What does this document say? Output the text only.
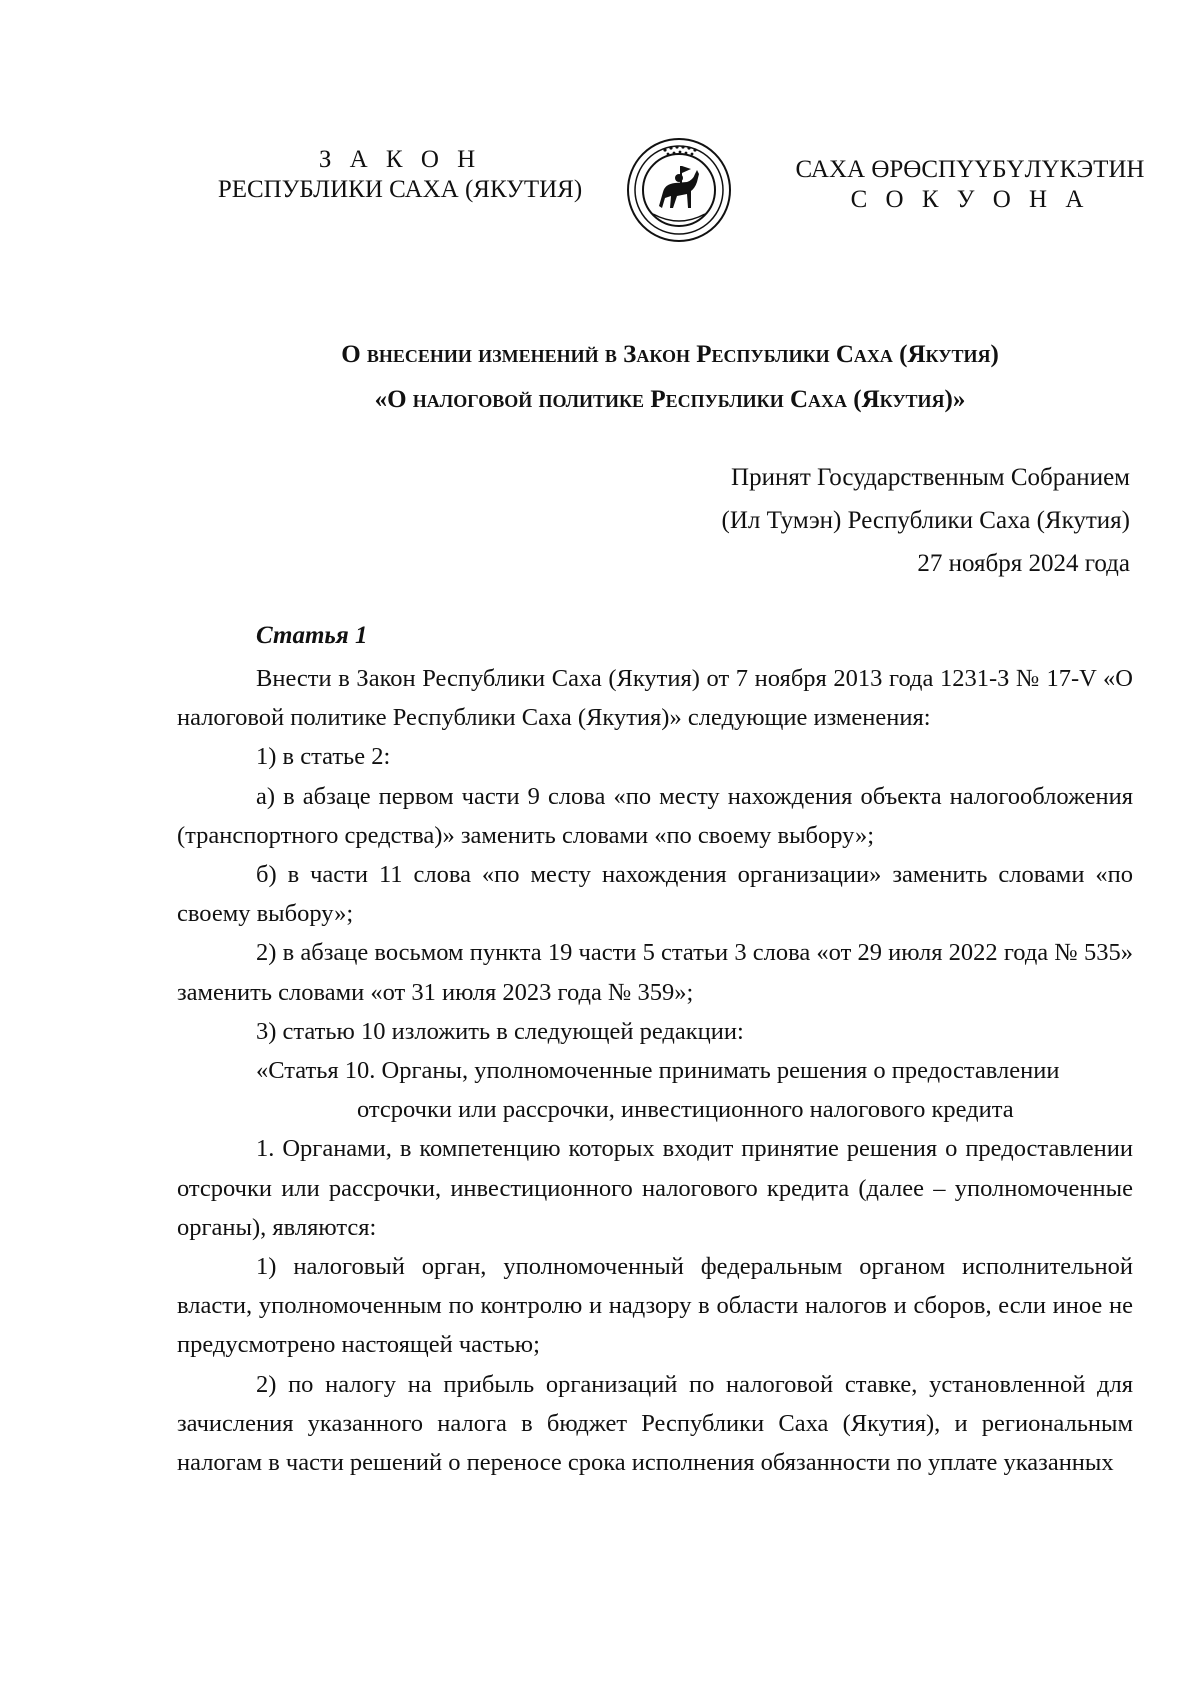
З А К О Н
РЕСПУБЛИКИ САХА (ЯКУТИЯ)
САХА ӨРӨСПҮҮБҮЛҮКЭТИН
С О К У О Н А
О внесении изменений в Закон Республики Саха (Якутия)
«О налоговой политике Республики Саха (Якутия)»
Принят Государственным Собранием
(Ил Тумэн) Республики Саха (Якутия)
27 ноября 2024 года
Статья 1

Внести в Закон Республики Саха (Якутия) от 7 ноября 2013 года 1231-З № 17-V «О налоговой политике Республики Саха (Якутия)» следующие изменения:

1) в статье 2:

а) в абзаце первом части 9 слова «по месту нахождения объекта налогообложения (транспортного средства)» заменить словами «по своему выбору»;

б) в части 11 слова «по месту нахождения организации» заменить словами «по своему выбору»;

2) в абзаце восьмом пункта 19 части 5 статьи 3 слова «от 29 июля 2022 года № 535» заменить словами «от 31 июля 2023 года № 359»;

3) статью 10 изложить в следующей редакции:

«Статья 10. Органы, уполномоченные принимать решения о предоставлении

отсрочки или рассрочки, инвестиционного налогового кредита

1. Органами, в компетенцию которых входит принятие решения о предоставлении отсрочки или рассрочки, инвестиционного налогового кредита (далее – уполномоченные органы), являются:

1) налоговый орган, уполномоченный федеральным органом исполнительной власти, уполномоченным по контролю и надзору в области налогов и сборов, если иное не предусмотрено настоящей частью;

2) по налогу на прибыль организаций по налоговой ставке, установленной для зачисления указанного налога в бюджет Республики Саха (Якутия), и региональным налогам в части решений о переносе срока исполнения обязанности по уплате указанных
